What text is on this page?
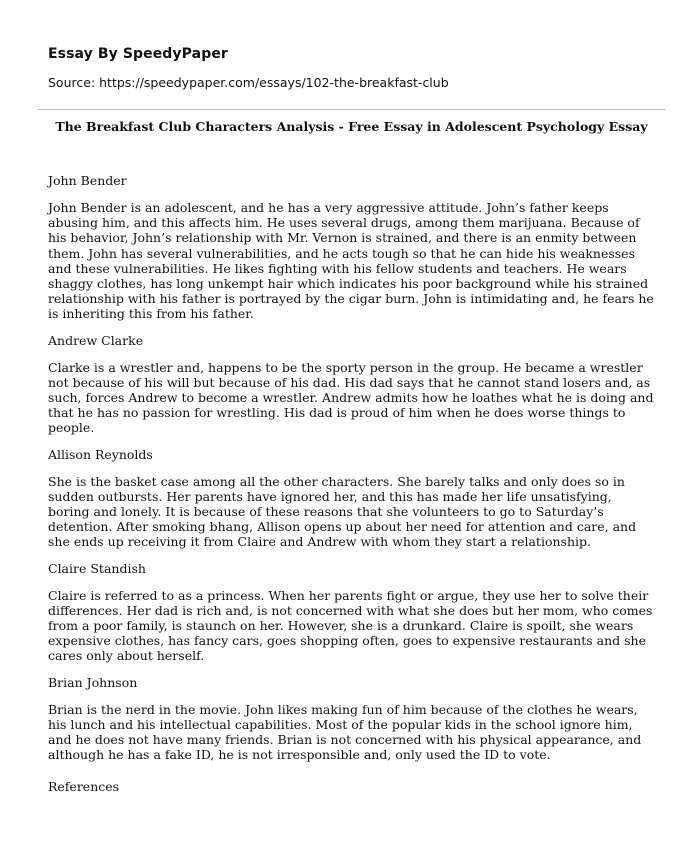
Essay By SpeedyPaper

Source: https://speedypaper.com/essays/102-the-breakfast-club

The Breakfast Club Characters Analysis - Free Essay in Adolescent Psychology Essay

John Bender

John Bender is an adolescent, and he has a very aggressive attitude. John’s father keeps abusing him, and this affects him. He uses several drugs, among them marijuana. Because of his behavior, John’s relationship with Mr. Vernon is strained, and there is an enmity between them. John has several vulnerabilities, and he acts tough so that he can hide his weaknesses and these vulnerabilities. He likes fighting with his fellow students and teachers. He wears shaggy clothes, has long unkempt hair which indicates his poor background while his strained relationship with his father is portrayed by the cigar burn. John is intimidating and, he fears he is inheriting this from his father.

Andrew Clarke

Clarke is a wrestler and, happens to be the sporty person in the group. He became a wrestler not because of his will but because of his dad. His dad says that he cannot stand losers and, as such, forces Andrew to become a wrestler. Andrew admits how he loathes what he is doing and that he has no passion for wrestling. His dad is proud of him when he does worse things to people.

Allison Reynolds

She is the basket case among all the other characters. She barely talks and only does so in sudden outbursts. Her parents have ignored her, and this has made her life unsatisfying, boring and lonely. It is because of these reasons that she volunteers to go to Saturday’s detention. After smoking bhang, Allison opens up about her need for attention and care, and she ends up receiving it from Claire and Andrew with whom they start a relationship.

Claire Standish

Claire is referred to as a princess. When her parents fight or argue, they use her to solve their differences. Her dad is rich and, is not concerned with what she does but her mom, who comes from a poor family, is staunch on her. However, she is a drunkard. Claire is spoilt, she wears expensive clothes, has fancy cars, goes shopping often, goes to expensive restaurants and she cares only about herself.

Brian Johnson

Brian is the nerd in the movie. John likes making fun of him because of the clothes he wears, his lunch and his intellectual capabilities. Most of the popular kids in the school ignore him, and he does not have many friends. Brian is not concerned with his physical appearance, and although he has a fake ID, he is not irresponsible and, only used the ID to vote.

References
